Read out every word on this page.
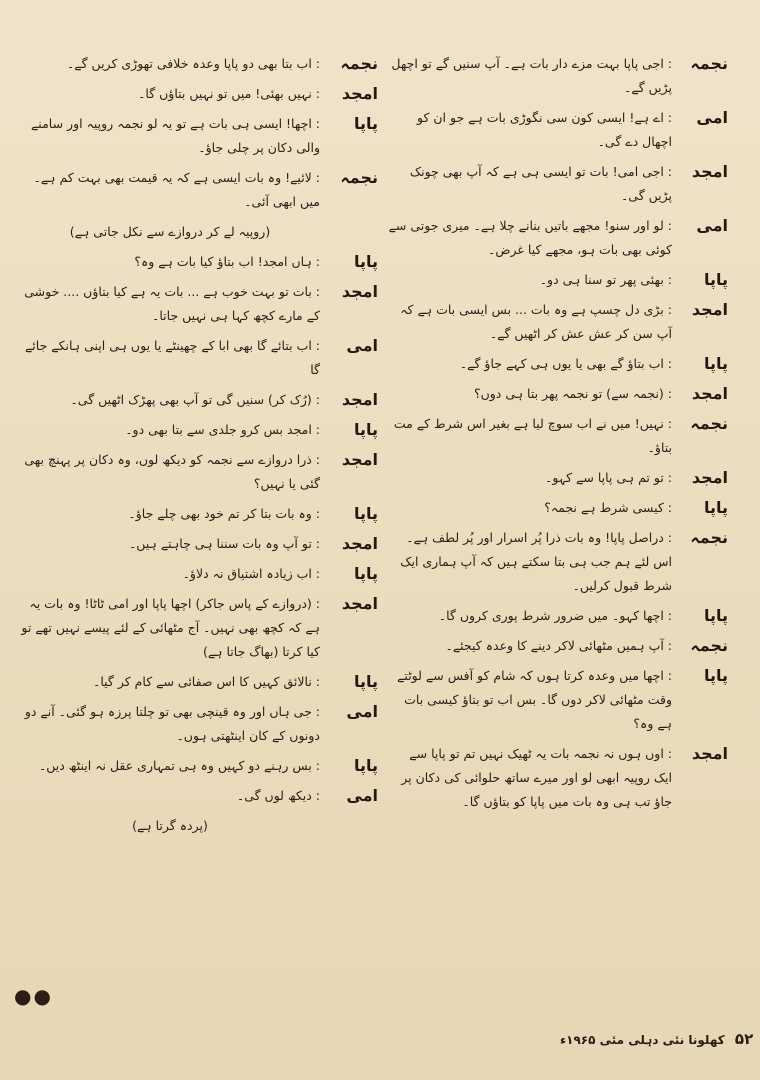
نجمہ
: اجی پاپا بہت مزے دار بات ہے۔ آپ سنیں گے تو اچھل پڑیں گے۔
امی
: اے ہے! ایسی کون سی نگوڑی بات ہے جو ان کو اچھال دے گی۔
امجد
: اجی امی! بات تو ایسی ہی ہے کہ آپ بھی چونک پڑیں گی۔
امی
: لو اور سنو! مجھے باتیں بنانے چلا ہے۔ میری جوتی سے کوئی بھی بات ہو، مجھے کیا غرض۔
پاپا
: بھئی پھر تو سنا ہی دو۔
امجد
: بڑی دل چسپ ہے وہ بات ... بس ایسی بات ہے کہ آپ سن کر عش عش کر اٹھیں گے۔
پاپا
: اب بتاؤ گے بھی یا یوں ہی کہے جاؤ گے۔
امجد
: (نجمہ سے) تو نجمہ پھر بتا ہی دوں؟
نجمہ
: نہیں! میں نے اب سوچ لیا ہے بغیر اس شرط کے مت بتاؤ۔
امجد
: تو تم ہی پاپا سے کہو۔
پاپا
: کیسی شرط ہے نجمہ؟
نجمہ
: دراصل پاپا! وہ بات ذرا پُر اسرار اور پُر لطف ہے۔ اس لئے ہم جب ہی بتا سکتے ہیں کہ آپ ہماری ایک شرط قبول کرلیں۔
پاپا
: اچھا کہو۔ میں ضرور شرط پوری کروں گا۔
نجمہ
: آپ ہمیں مٹھائی لاکر دینے کا وعدہ کیجئے۔
پاپا
: اچھا میں وعدہ کرتا ہوں کہ شام کو آفس سے لوٹتے وقت مٹھائی لاکر دوں گا۔ بس اب تو بتاؤ کیسی بات ہے وہ؟
امجد
: اوں ہوں نہ نجمہ بات یہ ٹھیک نہیں تم تو پاپا سے ایک روپیہ ابھی لو اور میرے ساتھ حلوائی کی دکان پر جاؤ تب ہی وہ بات میں پاپا کو بتاؤں گا۔
نجمہ
: اب بتا بھی دو پاپا وعدہ خلافی تھوڑی کریں گے۔
امجد
: نہیں بھئی! میں تو نہیں بتاؤں گا۔
پاپا
: اچھا! ایسی ہی بات ہے تو یہ لو نجمہ روپیہ اور سامنے والی دکان پر چلی جاؤ۔
نجمہ
: لائیے! وہ بات ایسی ہے کہ یہ قیمت بھی بہت کم ہے۔ میں ابھی آئی۔
(روپیہ لے کر دروازے سے نکل جاتی ہے)
پاپا
: ہاں امجد! اب بتاؤ کیا بات ہے وہ؟
امجد
: بات تو بہت خوب ہے ... بات یہ ہے کیا بتاؤں .... خوشی کے مارے کچھ کہا ہی نہیں جاتا۔
امی
: اب بتائے گا بھی ابا کے چھینٹے یا یوں ہی اپنی ہانکے جائے گا
امجد
: (رُک کر) سنیں گی تو آپ بھی پھڑک اٹھیں گی۔
پاپا
: امجد بس کرو جلدی سے بتا بھی دو۔
امجد
: ذرا دروازے سے نجمہ کو دیکھ لوں، وہ دکان پر پہنچ بھی گئی یا نہیں؟
پاپا
: وہ بات بتا کر تم خود بھی چلے جاؤ۔
امجد
: تو آپ وہ بات سننا ہی چاہتے ہیں۔
پاپا
: اب زیادہ اشتیاق نہ دلاؤ۔
امجد
: (دروازے کے پاس جاکر) اچھا پاپا اور امی ٹاٹا! وہ بات یہ ہے کہ کچھ بھی نہیں۔ آج مٹھائی کے لئے پیسے نہیں تھے تو کیا کرتا (بھاگ جاتا ہے)
پاپا
: نالائق کہیں کا اس صفائی سے کام کر گیا۔
امی
: جی ہاں اور وہ قینچی بھی تو چلتا پرزہ ہو گئی۔ آنے دو دونوں کے کان اینٹھتی ہوں۔
پاپا
: بس رہنے دو کہیں وہ ہی تمہاری عقل نہ اینٹھ دیں۔
امی
: دیکھ لوں گی۔
(پردہ گرتا ہے)
●●
۵۲ کھلونا نئی دہلی مئی ۱۹۶۵ء
